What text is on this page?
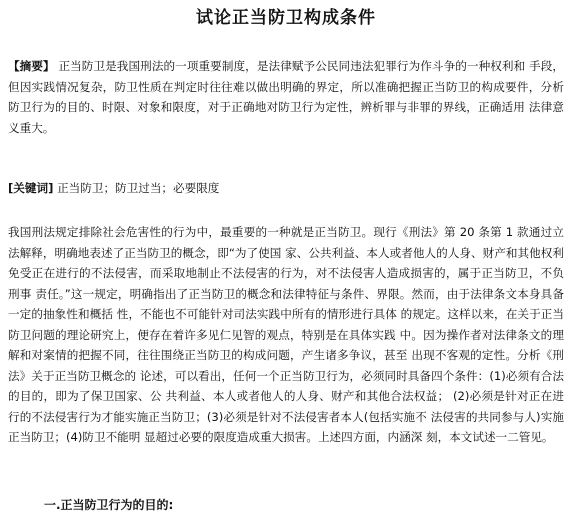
试论正当防卫构成条件
【摘要】 正当防卫是我国刑法的一项重要制度，是法律赋予公民同违法犯罪行为作斗争的一种权利和 手段，但因实践情况复杂，防卫性质在判定时往往难以做出明确的界定，所以准确把握正当防卫的构成要件，分析防卫行为的目的、时限、对象和限度，对于正确地对防卫行为定性，辨析罪与非罪的界线，正确适用 法律意义重大。
[关键词] 正当防卫；防卫过当；必要限度
我国刑法规定排除社会危害性的行为中，最重要的一种就是正当防卫。现行《刑法》第 20 条第 1 款通过立 法解释，明确地表述了正当防卫的概念，即“为了使国 家、公共利益、本人或者他人的人身、财产和其他权利免受正在进行的不法侵害，而采取地制止不法侵害的行为，对不法侵害人造成损害的，属于正当防卫，不负刑事 责任。”这一规定，明确指出了正当防卫的概念和法律特征与条件、界限。然而，由于法律条文本身具备一定的抽象性和概括 性，不能也不可能针对司法实践中所有的情形进行具体 的规定。这样以来，在关于正当防卫问题的理论研究上，便存在着许多见仁见智的观点，特别是在具体实践 中。因为操作者对法律条文的理解和对案情的把握不同，往往围绕正当防卫的构成问题，产生诸多争议，甚至 出现不客观的定性。分析《刑法》关于正当防卫概念的 论述，可以看出，任何一个正当防卫行为，必须同时具备四个条件：(1)必须有合法的目的，即为了保卫国家、公 共利益、本人或者他人的人身、财产和其他合法权益； (2)必须是针对正在进行的不法侵害行为才能实施正当防卫；(3)必须是针对不法侵害者本人(包括实施不 法侵害的共同参与人)实施正当防卫；(4)防卫不能明 显超过必要的限度造成重大损害。上述四方面，内涵深 刻，本文试述一二管见。
一.正当防卫行为的目的:
